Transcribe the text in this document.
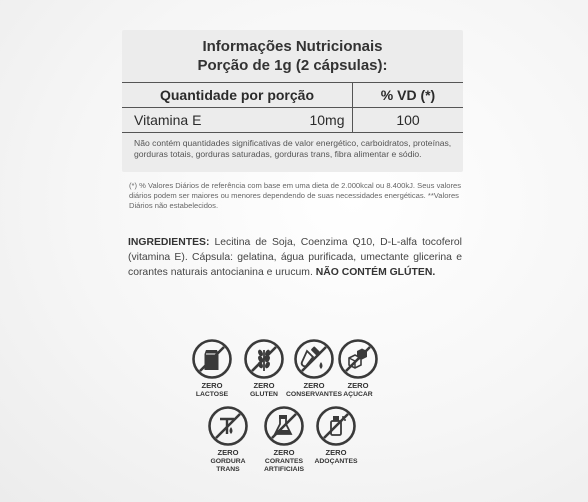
Informações Nutricionais
Porção de 1g (2 cápsulas):
Quantidade por porção	% VD (*)
Vitamina E	10mg	100
Não contém quantidades significativas de valor energético, carboidratos, proteínas, gorduras totais, gorduras saturadas, gorduras trans, fibra alimentar e sódio.
(*) % Valores Diários de referência com base em uma dieta de 2.000kcal ou 8.400kJ. Seus valores diários podem ser maiores ou menores dependendo de suas necessidades energéticas. **Valores Diários não estabelecidos.
INGREDIENTES: Lecitina de Soja, Coenzima Q10, D-L-alfa tocoferol (vitamina E). Cápsula: gelatina, água purificada, umectante glicerina e corantes naturais antocianina e urucum. NÃO CONTÉM GLÚTEN.
ZERO
LACTOSE
ZERO
GLUTEN
ZERO
CONSERVANTES
ZERO
AÇUCAR
ZERO
GORDURA TRANS
ZERO
CORANTES ARTIFICIAIS
ZERO
ADOÇANTES
